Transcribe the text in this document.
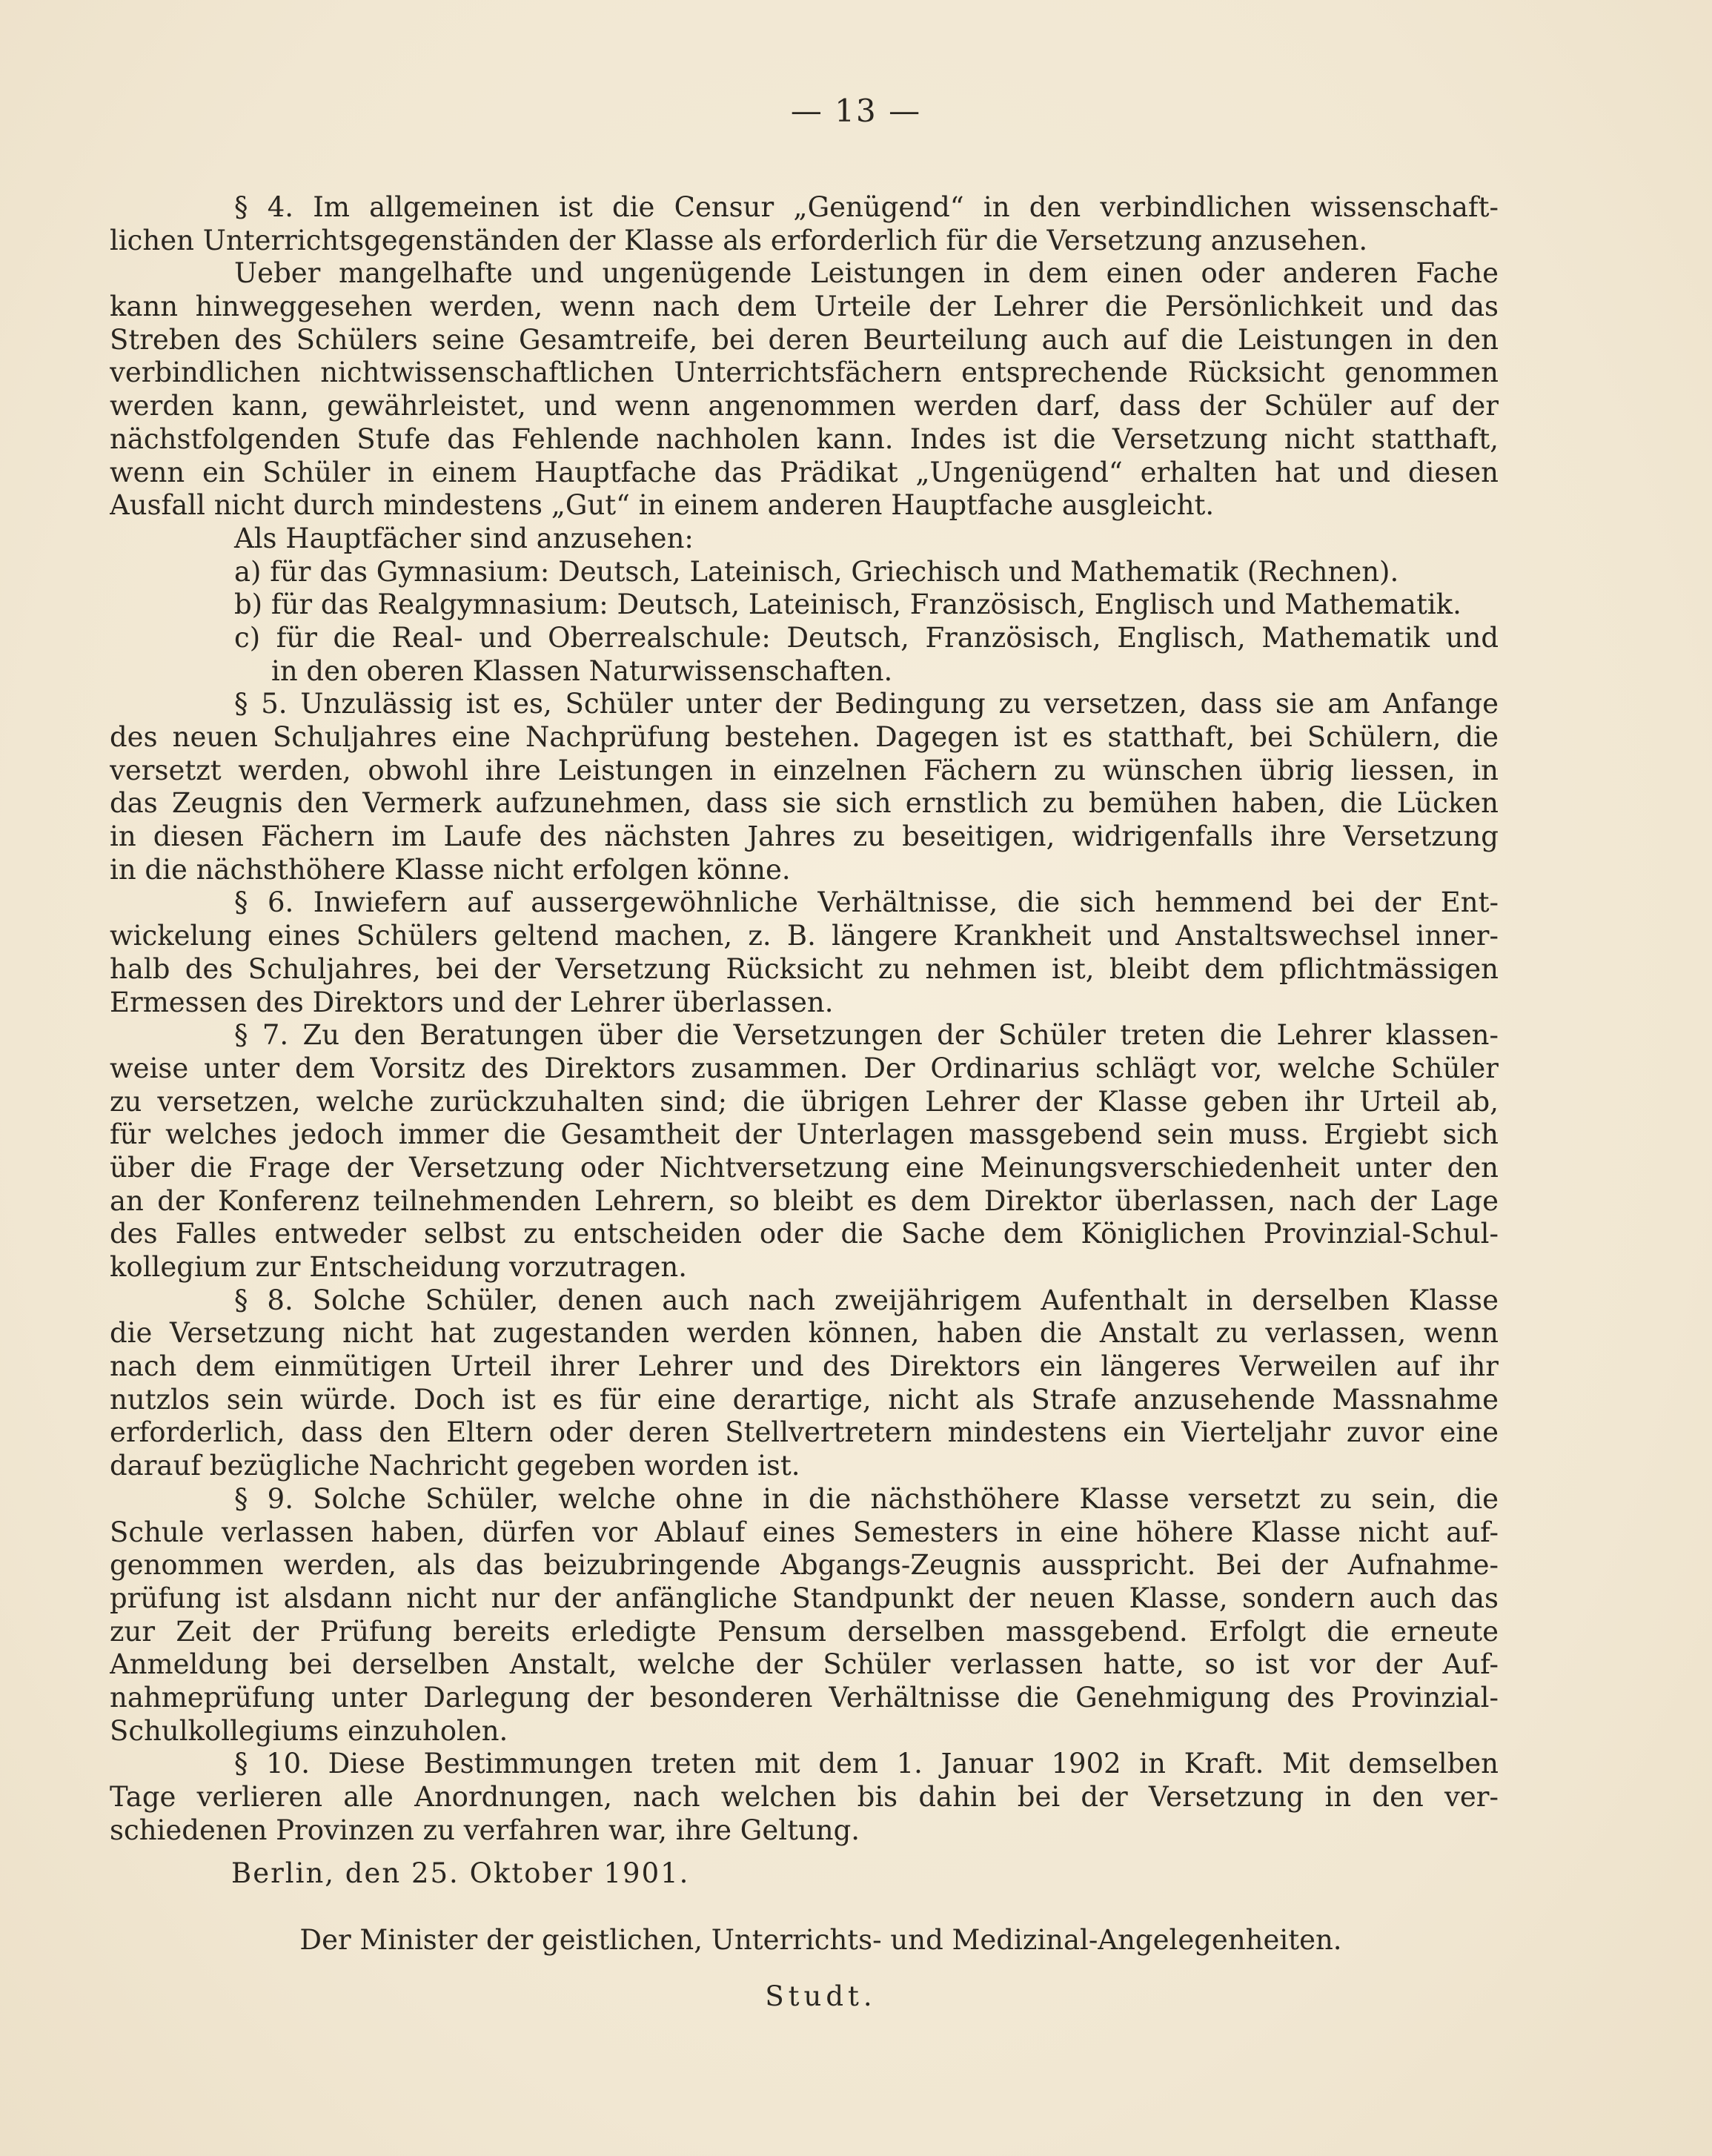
— 13 —
§ 4. Im allgemeinen ist die Censur „Genügend“ in den verbindlichen wissenschaft-
lichen Unterrichtsgegenständen der Klasse als erforderlich für die Versetzung anzusehen.
Ueber mangelhafte und ungenügende Leistungen in dem einen oder anderen Fache
kann hinweggesehen werden, wenn nach dem Urteile der Lehrer die Persönlichkeit und das
Streben des Schülers seine Gesamtreife, bei deren Beurteilung auch auf die Leistungen in den
verbindlichen nichtwissenschaftlichen Unterrichtsfächern entsprechende Rücksicht genommen
werden kann, gewährleistet, und wenn angenommen werden darf, dass der Schüler auf der
nächstfolgenden Stufe das Fehlende nachholen kann. Indes ist die Versetzung nicht statthaft,
wenn ein Schüler in einem Hauptfache das Prädikat „Ungenügend“ erhalten hat und diesen
Ausfall nicht durch mindestens „Gut“ in einem anderen Hauptfache ausgleicht.
Als Hauptfächer sind anzusehen:
a) für das Gymnasium: Deutsch, Lateinisch, Griechisch und Mathematik (Rechnen).
b) für das Realgymnasium: Deutsch, Lateinisch, Französisch, Englisch und Mathematik.
c) für die Real- und Oberrealschule: Deutsch, Französisch, Englisch, Mathematik und
in den oberen Klassen Naturwissenschaften.
§ 5. Unzulässig ist es, Schüler unter der Bedingung zu versetzen, dass sie am Anfange
des neuen Schuljahres eine Nachprüfung bestehen. Dagegen ist es statthaft, bei Schülern, die
versetzt werden, obwohl ihre Leistungen in einzelnen Fächern zu wünschen übrig liessen, in
das Zeugnis den Vermerk aufzunehmen, dass sie sich ernstlich zu bemühen haben, die Lücken
in diesen Fächern im Laufe des nächsten Jahres zu beseitigen, widrigenfalls ihre Versetzung
in die nächsthöhere Klasse nicht erfolgen könne.
§ 6. Inwiefern auf aussergewöhnliche Verhältnisse, die sich hemmend bei der Ent-
wickelung eines Schülers geltend machen, z. B. längere Krankheit und Anstaltswechsel inner-
halb des Schuljahres, bei der Versetzung Rücksicht zu nehmen ist, bleibt dem pflichtmässigen
Ermessen des Direktors und der Lehrer überlassen.
§ 7. Zu den Beratungen über die Versetzungen der Schüler treten die Lehrer klassen-
weise unter dem Vorsitz des Direktors zusammen. Der Ordinarius schlägt vor, welche Schüler
zu versetzen, welche zurückzuhalten sind; die übrigen Lehrer der Klasse geben ihr Urteil ab,
für welches jedoch immer die Gesamtheit der Unterlagen massgebend sein muss. Ergiebt sich
über die Frage der Versetzung oder Nichtversetzung eine Meinungsverschiedenheit unter den
an der Konferenz teilnehmenden Lehrern, so bleibt es dem Direktor überlassen, nach der Lage
des Falles entweder selbst zu entscheiden oder die Sache dem Königlichen Provinzial-Schul-
kollegium zur Entscheidung vorzutragen.
§ 8. Solche Schüler, denen auch nach zweijährigem Aufenthalt in derselben Klasse
die Versetzung nicht hat zugestanden werden können, haben die Anstalt zu verlassen, wenn
nach dem einmütigen Urteil ihrer Lehrer und des Direktors ein längeres Verweilen auf ihr
nutzlos sein würde. Doch ist es für eine derartige, nicht als Strafe anzusehende Massnahme
erforderlich, dass den Eltern oder deren Stellvertretern mindestens ein Vierteljahr zuvor eine
darauf bezügliche Nachricht gegeben worden ist.
§ 9. Solche Schüler, welche ohne in die nächsthöhere Klasse versetzt zu sein, die
Schule verlassen haben, dürfen vor Ablauf eines Semesters in eine höhere Klasse nicht auf-
genommen werden, als das beizubringende Abgangs-Zeugnis ausspricht. Bei der Aufnahme-
prüfung ist alsdann nicht nur der anfängliche Standpunkt der neuen Klasse, sondern auch das
zur Zeit der Prüfung bereits erledigte Pensum derselben massgebend. Erfolgt die erneute
Anmeldung bei derselben Anstalt, welche der Schüler verlassen hatte, so ist vor der Auf-
nahmeprüfung unter Darlegung der besonderen Verhältnisse die Genehmigung des Provinzial-
Schulkollegiums einzuholen.
§ 10. Diese Bestimmungen treten mit dem 1. Januar 1902 in Kraft. Mit demselben
Tage verlieren alle Anordnungen, nach welchen bis dahin bei der Versetzung in den ver-
schiedenen Provinzen zu verfahren war, ihre Geltung.
Berlin, den 25. Oktober 1901.
Der Minister der geistlichen, Unterrichts- und Medizinal-Angelegenheiten.
Studt.
